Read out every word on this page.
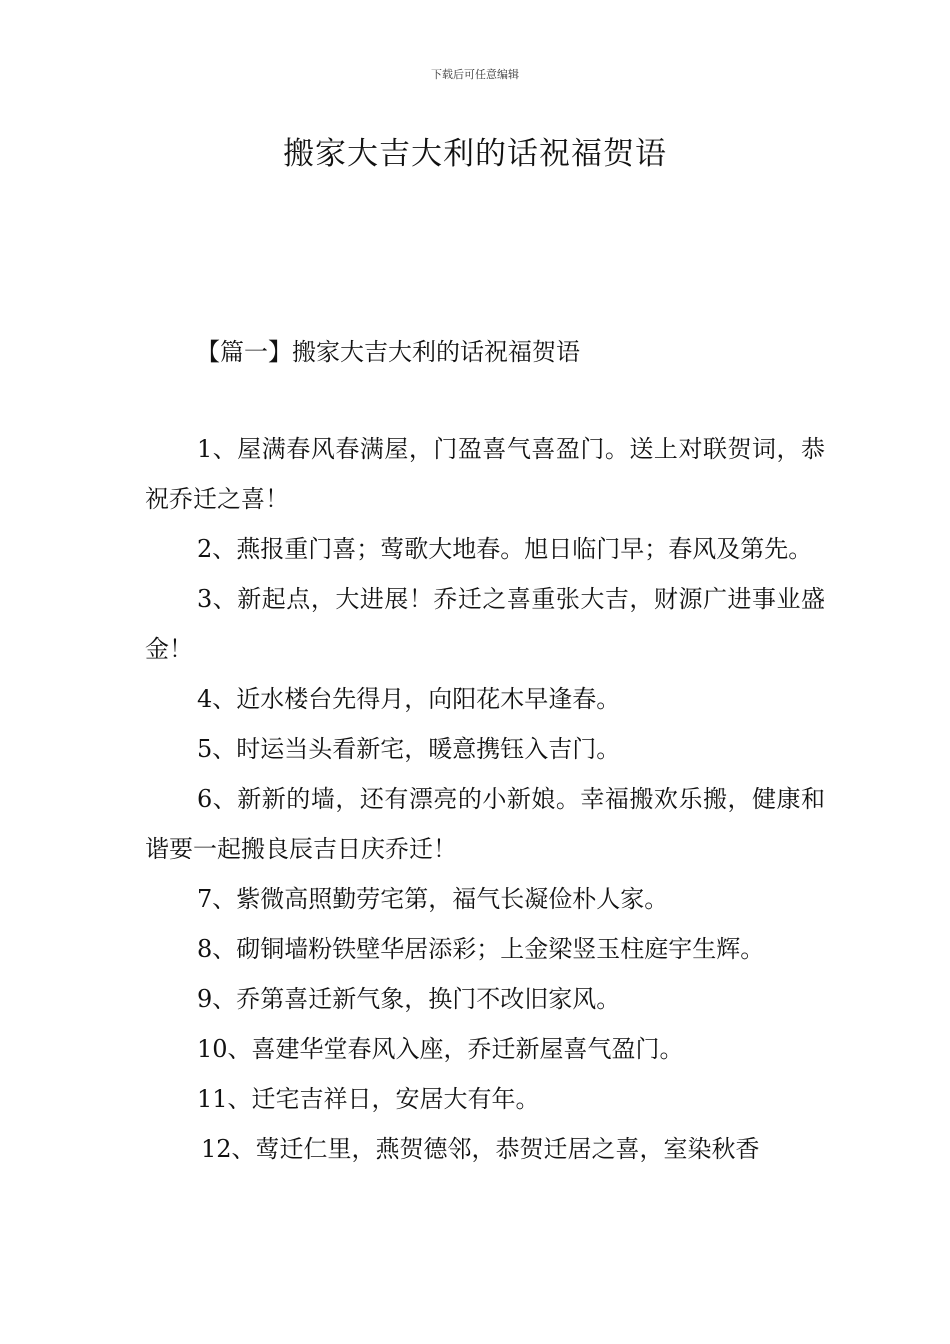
下载后可任意编辑
搬家大吉大利的话祝福贺语
【篇一】搬家大吉大利的话祝福贺语

1、屋满春风春满屋，门盈喜气喜盈门。送上对联贺词，恭祝乔迁之喜！

2、燕报重门喜；莺歌大地春。旭日临门早；春风及第先。

3、新起点，大进展！乔迁之喜重张大吉，财源广进事业盛金！

4、近水楼台先得月，向阳花木早逢春。

5、时运当头看新宅，暖意携钰入吉门。

6、新新的墙，还有漂亮的小新娘。幸福搬欢乐搬，健康和谐要一起搬良辰吉日庆乔迁！

7、紫微高照勤劳宅第，福气长凝俭朴人家。

8、砌铜墙粉铁壁华居添彩；上金梁竖玉柱庭宇生辉。

9、乔第喜迁新气象，换门不改旧家风。

10、喜建华堂春风入座，乔迁新屋喜气盈门。

11、迁宅吉祥日，安居大有年。

12、莺迁仁里，燕贺德邻，恭贺迁居之喜，室染秋香
